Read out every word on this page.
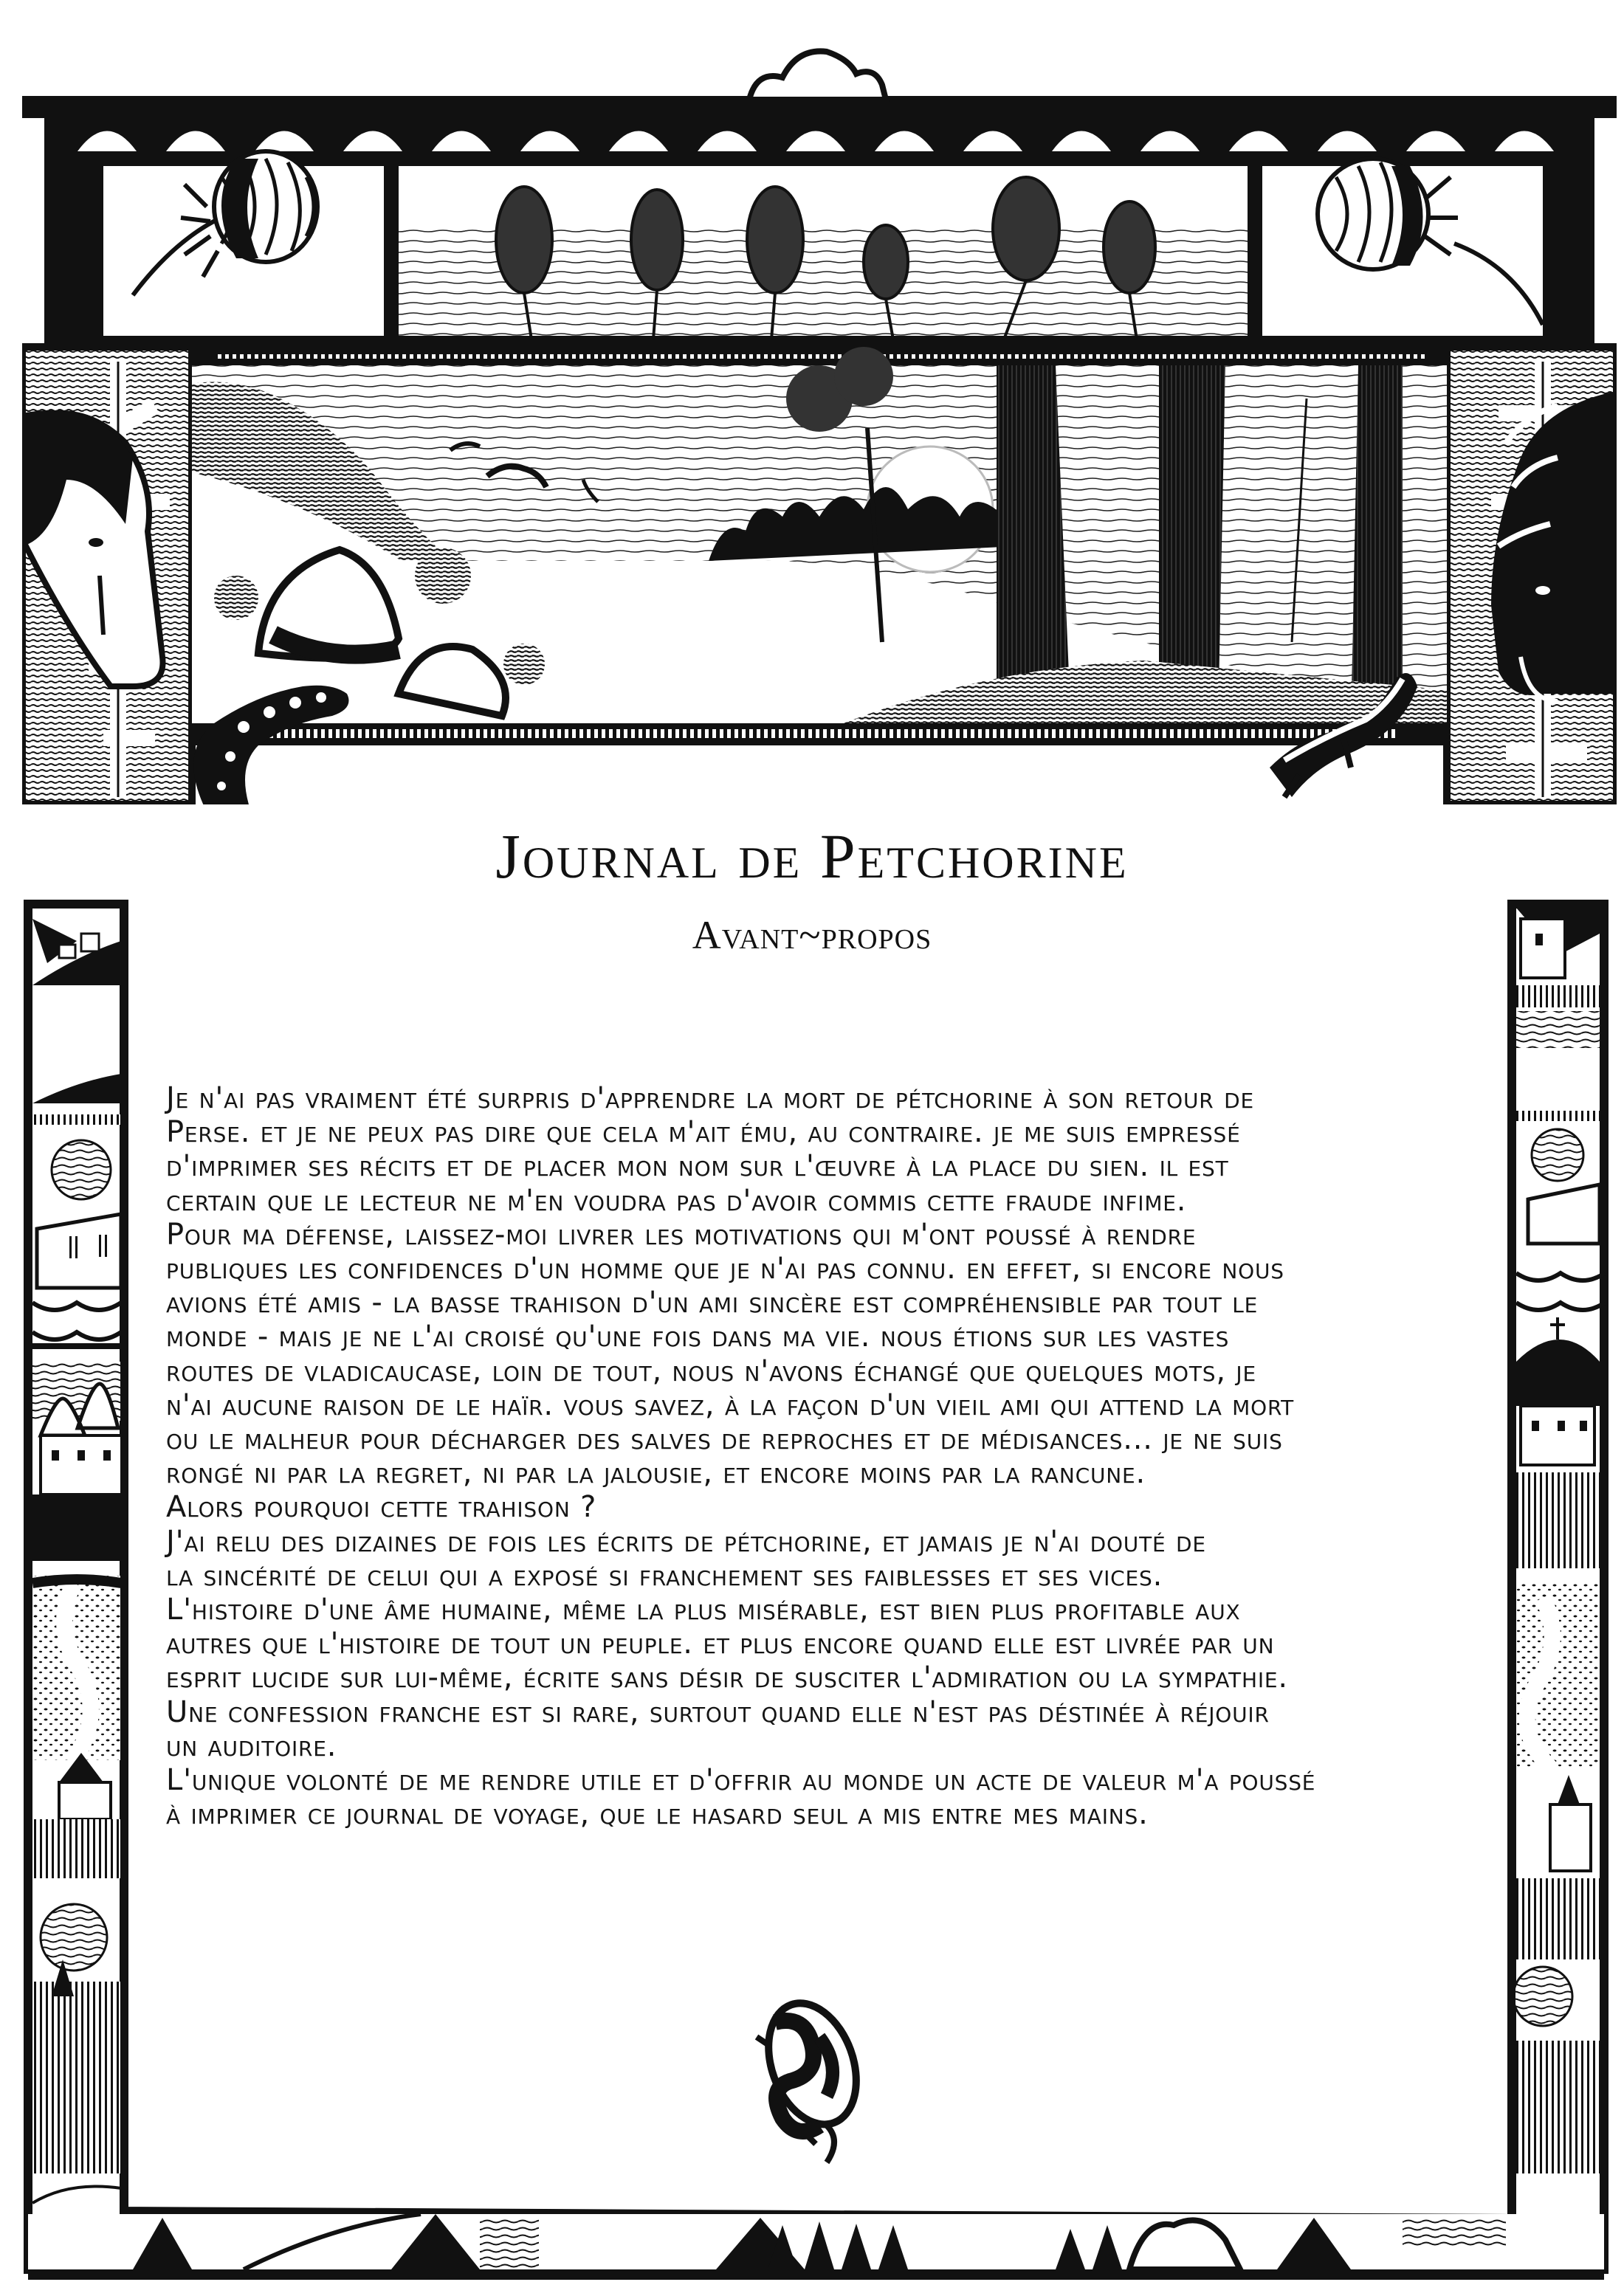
Journal de Petchorine
Avant~propos
Je n'ai pas vraiment été surpris d'apprendre la mort de pétchorine à son retour de
Perse. et je ne peux pas dire que cela m'ait ému, au contraire. je me suis empressé
d'imprimer ses récits et de placer mon nom sur l'œuvre à la place du sien. il est
certain que le lecteur ne m'en voudra pas d'avoir commis cette fraude infime.
Pour ma défense, laissez-moi livrer les motivations qui m'ont poussé à rendre
publiques les confidences d'un homme que je n'ai pas connu. en effet, si encore nous
avions été amis - la basse trahison d'un ami sincère est compréhensible par tout le
monde - mais je ne l'ai croisé qu'une fois dans ma vie. nous étions sur les vastes
routes de vladicaucase, loin de tout, nous n'avons échangé que quelques mots, je
n'ai aucune raison de le haïr. vous savez, à la façon d'un vieil ami qui attend la mort
ou le malheur pour décharger des salves de reproches et de médisances... je ne suis
rongé ni par la regret, ni par la jalousie, et encore moins par la rancune.
Alors pourquoi cette trahison ?
J'ai relu des dizaines de fois les écrits de pétchorine, et jamais je n'ai douté de
la sincérité de celui qui a exposé si franchement ses faiblesses et ses vices.
L'histoire d'une âme humaine, même la plus misérable, est bien plus profitable aux
autres que l'histoire de tout un peuple. et plus encore quand elle est livrée par un
esprit lucide sur lui-même, écrite sans désir de susciter l'admiration ou la sympathie.
Une confession franche est si rare, surtout quand elle n'est pas déstinée à réjouir
un auditoire.
L'unique volonté de me rendre utile et d'offrir au monde un acte de valeur m'a poussé
à imprimer ce journal de voyage, que le hasard seul a mis entre mes mains.
